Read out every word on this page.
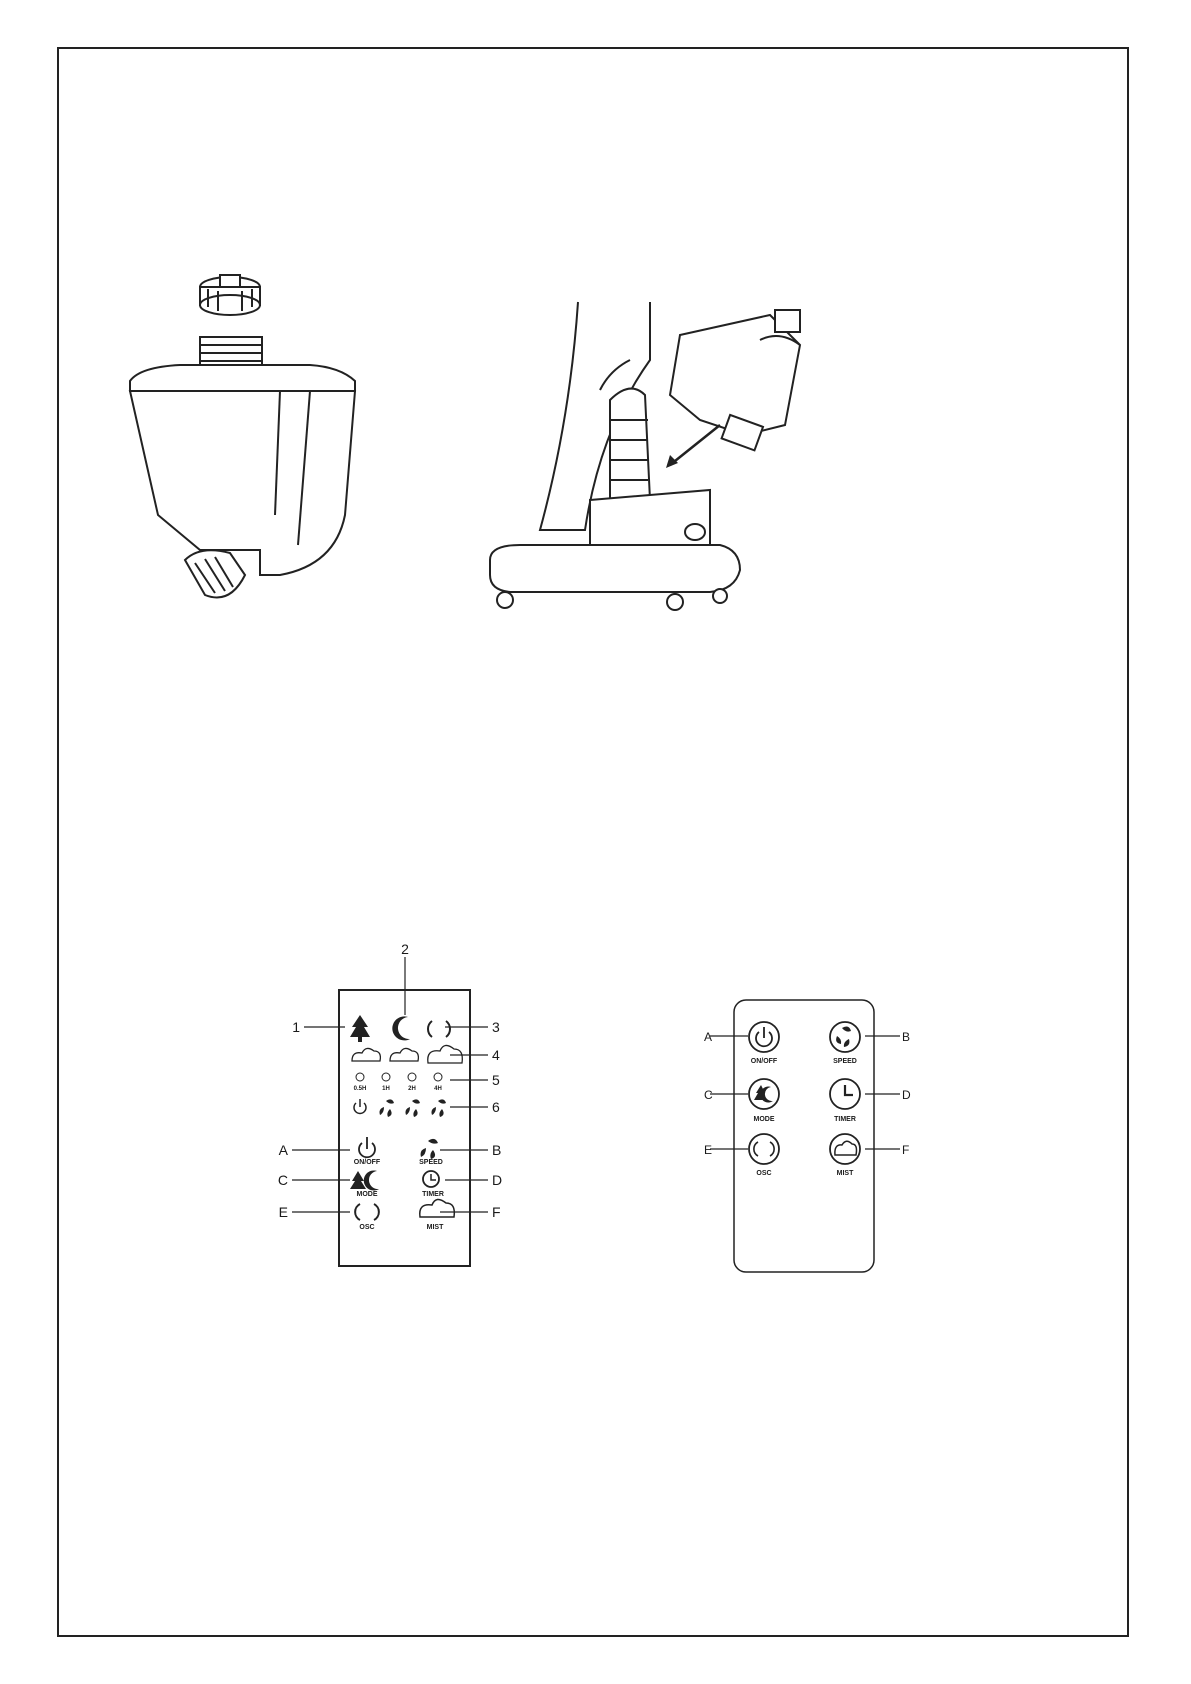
1
2
3
4
5
6
0.5H	1H	2H	4H
ON/OFF	SPEED
MODE	TIMER
OSC	MIST
A	B
C	D
E	F
ON/OFF	SPEED
MODE	TIMER
OSC	MIST
A	B
C	D
E	F
